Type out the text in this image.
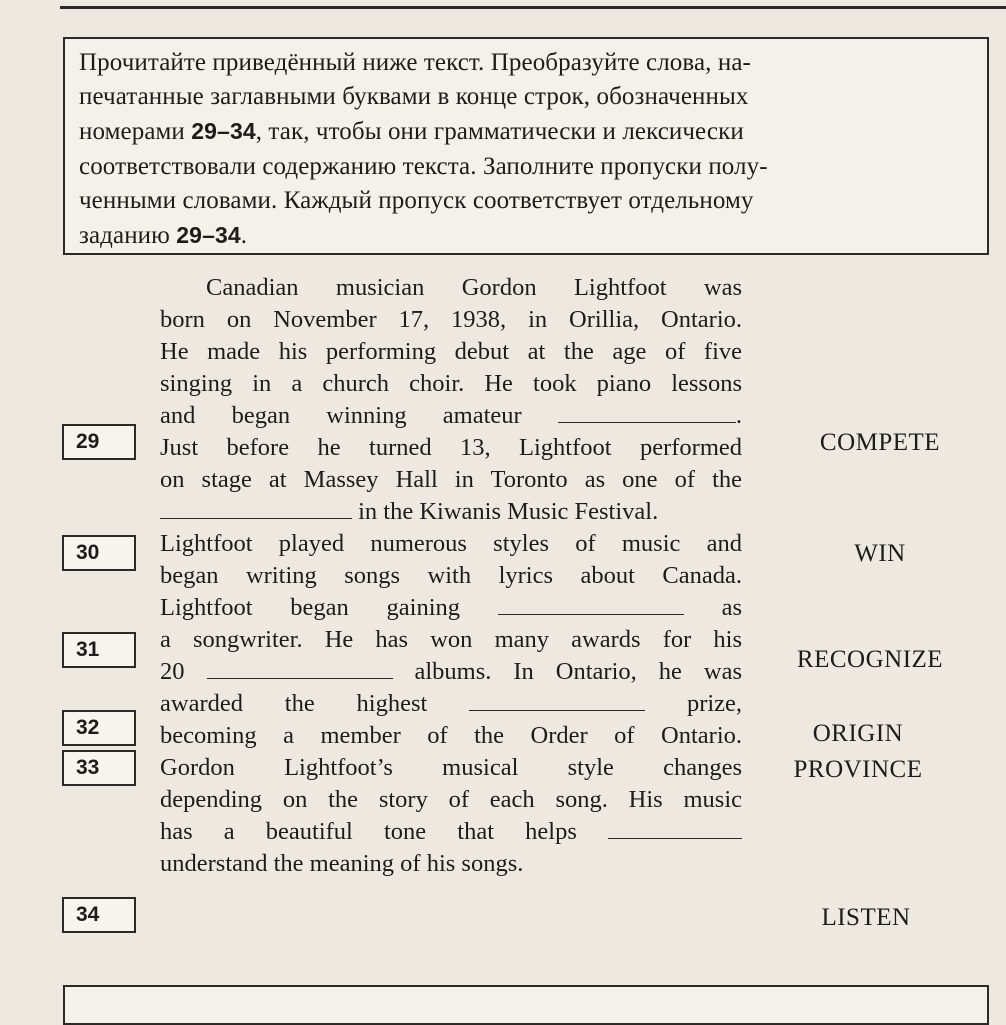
Прочитайте приведённый ниже текст. Преобразуйте слова, на-
печатанные заглавными буквами в конце строк, обозначенных
номерами 29–34, так, чтобы они грамматически и лексически
соответствовали содержанию текста. Заполните пропуски полу-
ченными словами. Каждый пропуск соответствует отдельному
заданию 29–34.
29
30
31
32
33
34
Canadian musician Gordon Lightfoot was
born on November 17, 1938, in Orillia, Ontario.
He made his performing debut at the age of five
singing in a church choir. He took piano lessons
and began winning amateur	.
Just before he turned 13, Lightfoot performed
on stage at Massey Hall in Toronto as one of the
in the Kiwanis Music Festival.
Lightfoot played numerous styles of music and
began writing songs with lyrics about Canada.
Lightfoot began gaining	as
a songwriter. He has won many awards for his
20	albums. In Ontario, he was
awarded the highest	prize,
becoming a member of the Order of Ontario.
Gordon Lightfoot’s musical style changes
depending on the story of each song. His music
has a beautiful tone that helps
understand the meaning of his songs.
COMPETE
WIN
RECOGNIZE
ORIGIN
PROVINCE
LISTEN
